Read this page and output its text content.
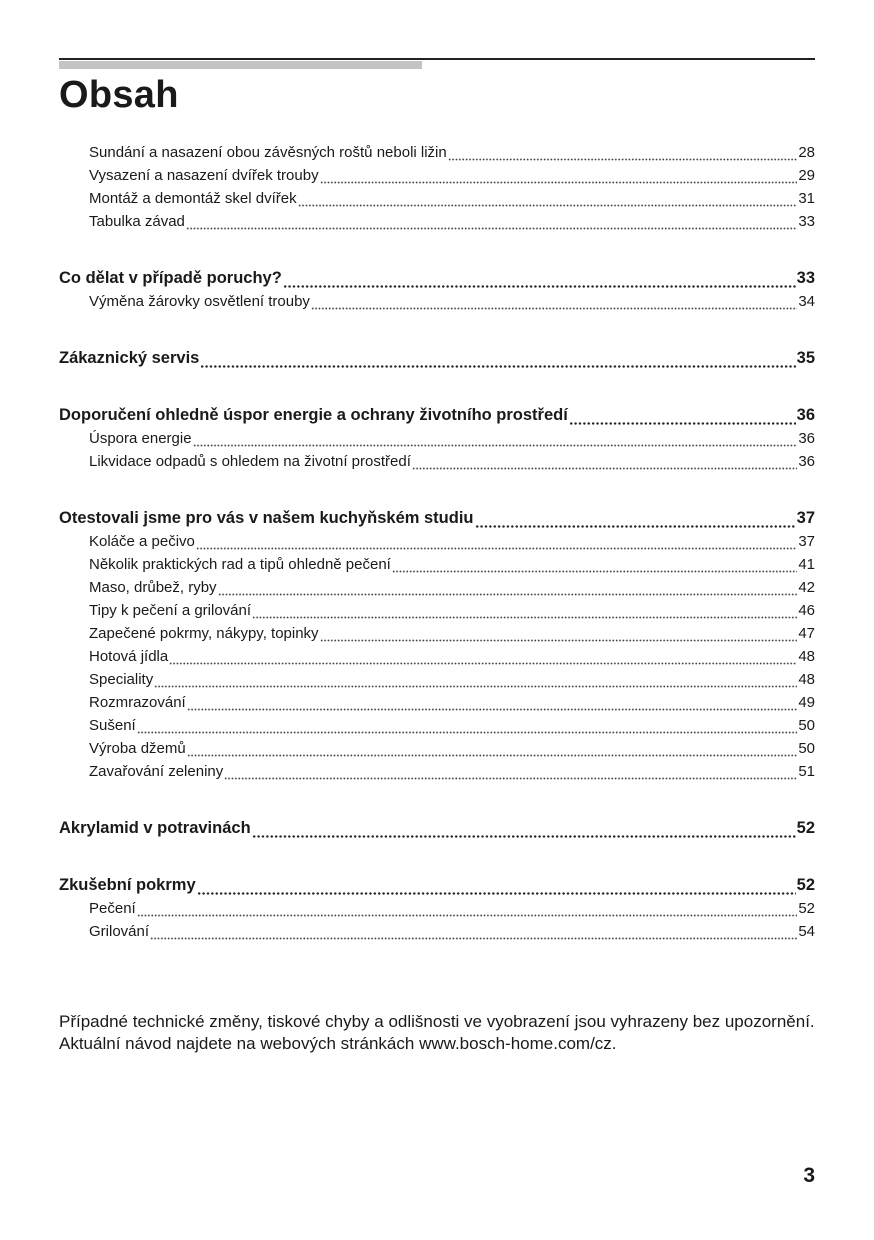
Obsah
Sundání a nasazení obou závěsných roštů neboli ližin	28
Vysazení a nasazení dvířek trouby	29
Montáž a demontáž skel dvířek	31
Tabulka závad	33
Co dělat v případě poruchy?	33
Výměna žárovky osvětlení trouby	34
Zákaznický servis	35
Doporučení ohledně úspor energie a ochrany životního prostředí	36
Úspora energie	36
Likvidace odpadů s ohledem na životní prostředí	36
Otestovali jsme pro vás v našem kuchyňském studiu	37
Koláče a pečivo	37
Několik praktických rad a tipů ohledně pečení	41
Maso, drůbež, ryby	42
Tipy k pečení a grilování	46
Zapečené pokrmy, nákypy, topinky	47
Hotová jídla	48
Speciality	48
Rozmrazování	49
Sušení	50
Výroba džemů	50
Zavařování zeleniny	51
Akrylamid v potravinách	52
Zkušební pokrmy	52
Pečení	52
Grilování	54

Případné technické změny, tiskové chyby a odlišnosti ve vyobrazení jsou vyhrazeny bez upozornění. Aktuální návod najdete na webových stránkách www.bosch-home.com/cz.

3
